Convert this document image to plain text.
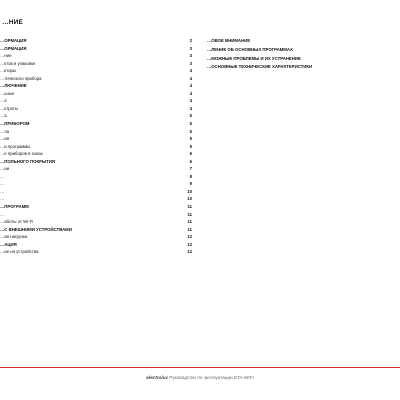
…НИЕ
…ОРМАЦИЯ	2
…ОРМАЦИЯ	3
…ние	3
…ктов в упаковке	3
…кторы	4
…тического прибора	4
…ЛЮЧЕНИЕ	4
…ьные	4
…я	4
…ктроты	4
…а	5
…ПРИБОРОМ	5
…ла	5
…ия	5
…и программы	5
…е приборов в зонах	6
…ПОЛЬНОГО ПОКРЫТИЯ	6
…ии	7
…	8
…	9
…	10
…	10
…ПРОГРАММ	11
…	11
…аботы от Wi-Fi	11
…С ВНЕШНИМИ УСТРОЙСТВАМИ	11
…ая нагрузка	12
…АЦИЯ	12
…ие на устройства	12
…ОВОЕ ВНИМАНИЕ
…ЛЕНИЕ ОБ ОСНОВНЫХ ПРОГРАММАХ
…МОЖНЫЕ ПРОБЛЕМЫ И ИХ УСТРАНЕНИЕ
…ОСНОВНЫЕ ТЕХНИЧЕСКИЕ ХАРАКТЕРИСТИКИ
electrolux Руководство по эксплуатации ETA-WIFI
